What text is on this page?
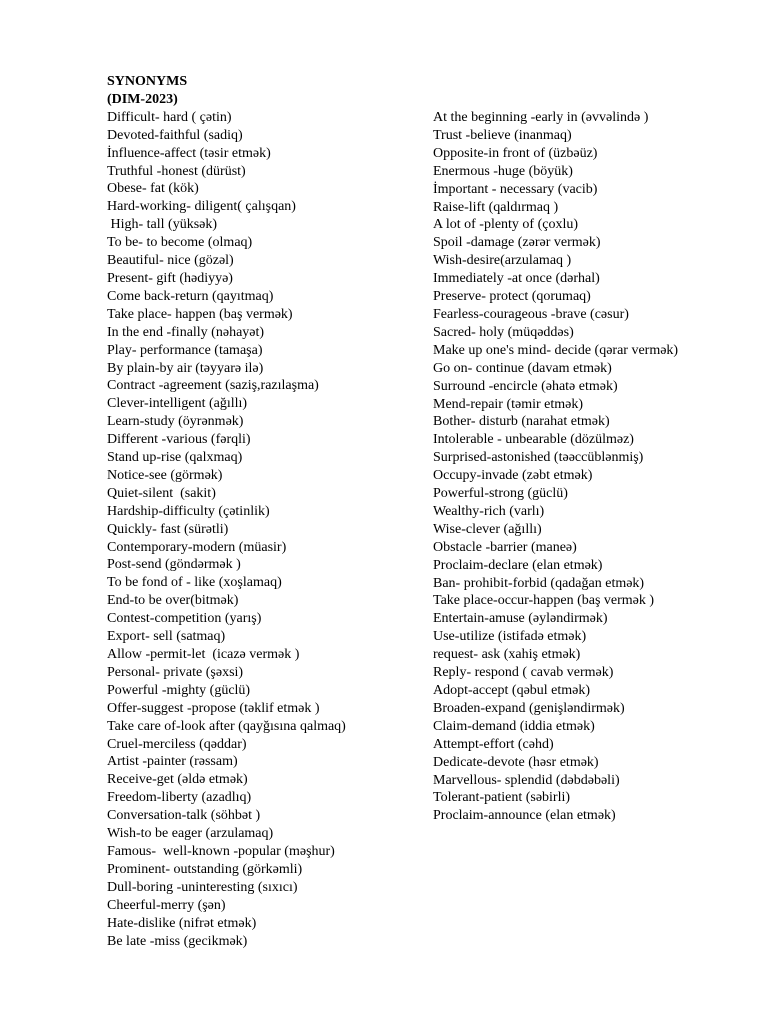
SYNONYMS
(DIM-2023)
Difficult- hard ( çətin)
Devoted-faithful (sadiq)
İnfluence-affect (təsir etmək)
Truthful -honest (dürüst)
Obese- fat (kök)
Hard-working- diligent( çalışqan)
High- tall (yüksək)
To be- to become (olmaq)
Beautiful- nice (gözəl)
Present- gift (hədiyyə)
Come back-return (qayıtmaq)
Take place- happen (baş vermək)
In the end -finally (nəhayət)
Play- performance (tamaşa)
By plain-by air (təyyarə ilə)
Contract -agreement (saziş,razılaşma)
Clever-intelligent (ağıllı)
Learn-study (öyrənmək)
Different -various (fərqli)
Stand up-rise (qalxmaq)
Notice-see (görmək)
Quiet-silent  (sakit)
Hardship-difficulty (çətinlik)
Quickly- fast (sürətli)
Contemporary-modern (müasir)
Post-send (göndərmək )
To be fond of - like (xoşlamaq)
End-to be over(bitmək)
Contest-competition (yarış)
Export- sell (satmaq)
Allow -permit-let  (icazə vermək )
Personal- private (şəxsi)
Powerful -mighty (güclü)
Offer-suggest -propose (təklif etmək )
Take care of-look after (qayğısına qalmaq)
Cruel-merciless (qəddar)
Artist -painter (rəssam)
Receive-get (əldə etmək)
Freedom-liberty (azadlıq)
Conversation-talk (söhbət )
Wish-to be eager (arzulamaq)
Famous-  well-known -popular (məşhur)
Prominent- outstanding (görkəmli)
Dull-boring -uninteresting (sıxıcı)
Cheerful-merry (şən)
Hate-dislike (nifrət etmək)
Be late -miss (gecikmək)
At the beginning -early in (əvvəlində )
Trust -believe (inanmaq)
Opposite-in front of (üzbəüz)
Enermous -huge (böyük)
İmportant - necessary (vacib)
Raise-lift (qaldırmaq )
A lot of -plenty of (çoxlu)
Spoil -damage (zərər vermək)
Wish-desire(arzulamaq )
Immediately -at once (dərhal)
Preserve- protect (qorumaq)
Fearless-courageous -brave (cəsur)
Sacred- holy (müqəddəs)
Make up one's mind- decide (qərar vermək)
Go on- continue (davam etmək)
Surround -encircle (əhatə etmək)
Mend-repair (təmir etmək)
Bother- disturb (narahat etmək)
Intolerable - unbearable (dözülməz)
Surprised-astonished (təəccüblənmiş)
Occupy-invade (zəbt etmək)
Powerful-strong (güclü)
Wealthy-rich (varlı)
Wise-clever (ağıllı)
Obstacle -barrier (maneə)
Proclaim-declare (elan etmək)
Ban- prohibit-forbid (qadağan etmək)
Take place-occur-happen (baş vermək )
Entertain-amuse (əyləndirmək)
Use-utilize (istifadə etmək)
request- ask (xahiş etmək)
Reply- respond ( cavab vermək)
Adopt-accept (qəbul etmək)
Broaden-expand (genişləndirmək)
Claim-demand (iddia etmək)
Attempt-effort (cəhd)
Dedicate-devote (həsr etmək)
Marvellous- splendid (dəbdəbəli)
Tolerant-patient (səbirli)
Proclaim-announce (elan etmək)
